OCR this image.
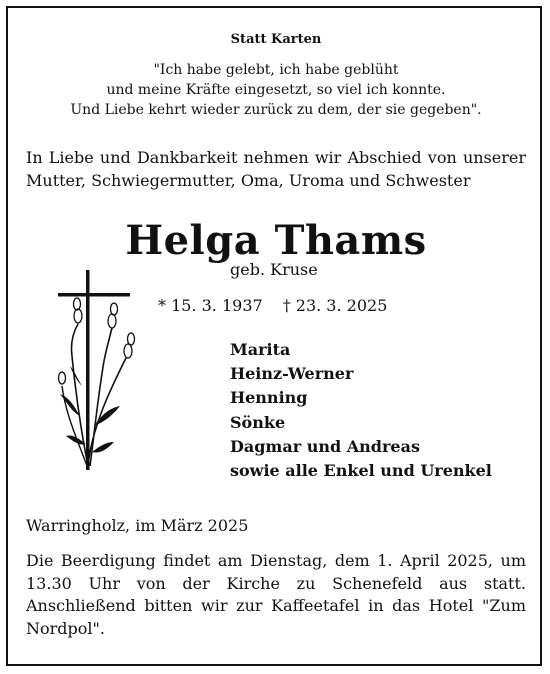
Statt Karten
"Ich habe gelebt, ich habe geblüht
und meine Kräfte eingesetzt, so viel ich konnte.
Und Liebe kehrt wieder zurück zu dem, der sie gegeben".
In Liebe und Dankbarkeit nehmen wir Abschied von unserer Mutter, Schwiegermutter, Oma, Uroma und Schwester
Helga Thams
geb. Kruse
* 15. 3. 1937 † 23. 3. 2025
Marita
Heinz-Werner
Henning
Sönke
Dagmar und Andreas
sowie alle Enkel und Urenkel
Warringholz, im März 2025
Die Beerdigung findet am Dienstag, dem 1. April 2025, um 13.30 Uhr von der Kirche zu Schenefeld aus statt. Anschließend bitten wir zur Kaffeetafel in das Hotel "Zum Nordpol".
